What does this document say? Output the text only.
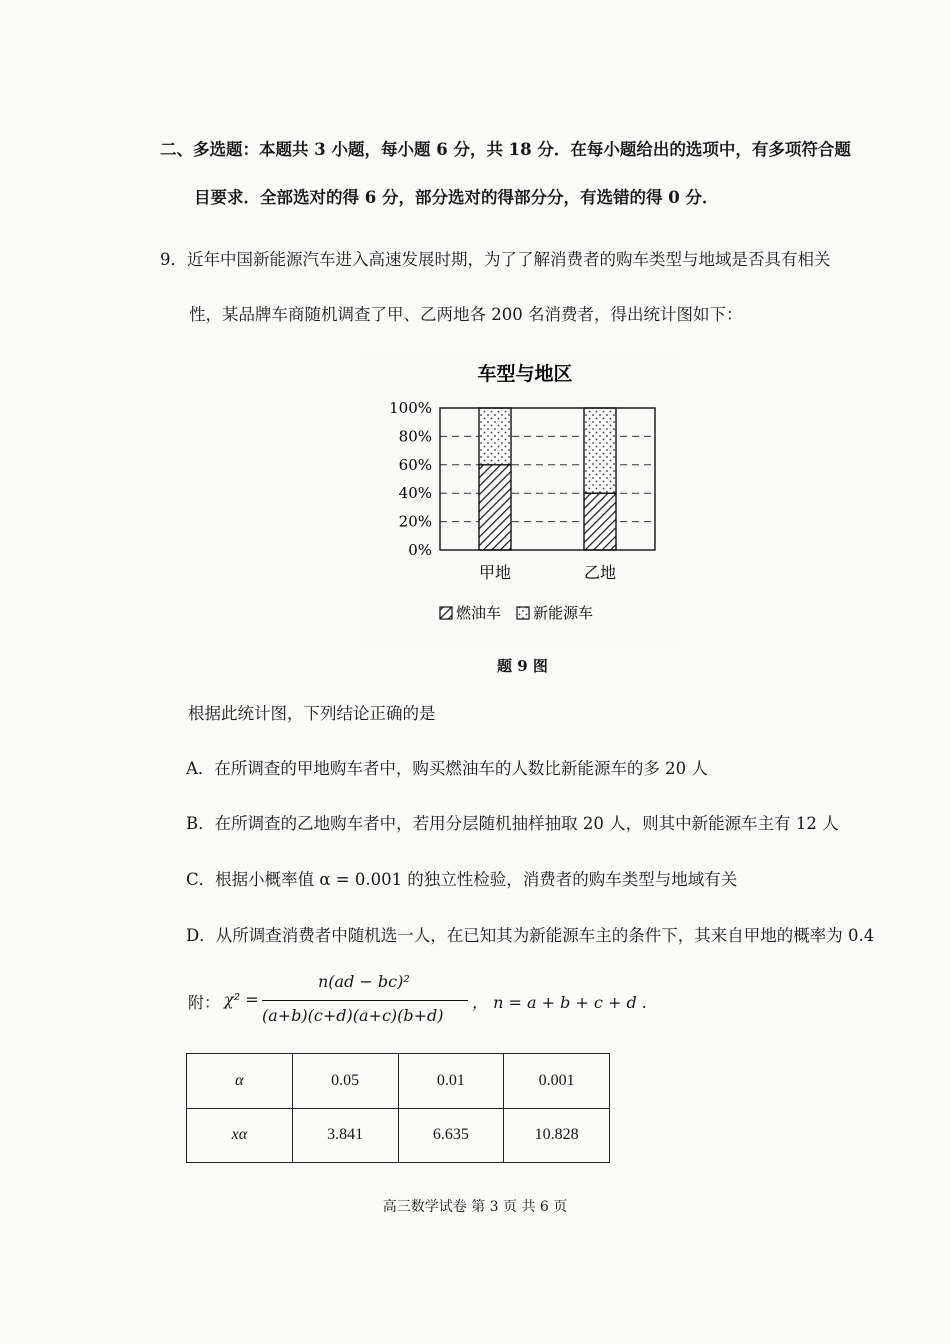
二、多选题：本题共 3 小题，每小题 6 分，共 18 分．在每小题给出的选项中，有多项符合题
目要求．全部选对的得 6 分，部分选对的得部分分，有选错的得 0 分．
9．近年中国新能源汽车进入高速发展时期，为了了解消费者的购车类型与地域是否具有相关
性，某品牌车商随机调查了甲、乙两地各 200 名消费者，得出统计图如下：
车型与地区
0%
20%
40%
60%
80%
100%
甲地	乙地
燃油车 新能源车
题 9 图
根据此统计图，下列结论正确的是
A．在所调查的甲地购车者中，购买燃油车的人数比新能源车的多 20 人
B．在所调查的乙地购车者中，若用分层随机抽样抽取 20 人，则其中新能源车主有 12 人
C．根据小概率值 α = 0.001 的独立性检验，消费者的购车类型与地域有关
D．从所调查消费者中随机选一人，在已知其为新能源车主的条件下，其来自甲地的概率为 0.4
附： χ² =
n(ad − bc)²
(a+b)(c+d)(a+c)(b+d)
， n = a + b + c + d .
α	0.05	0.01	0.001
xα	3.841	6.635	10.828
高三数学试卷 第 3 页 共 6 页
